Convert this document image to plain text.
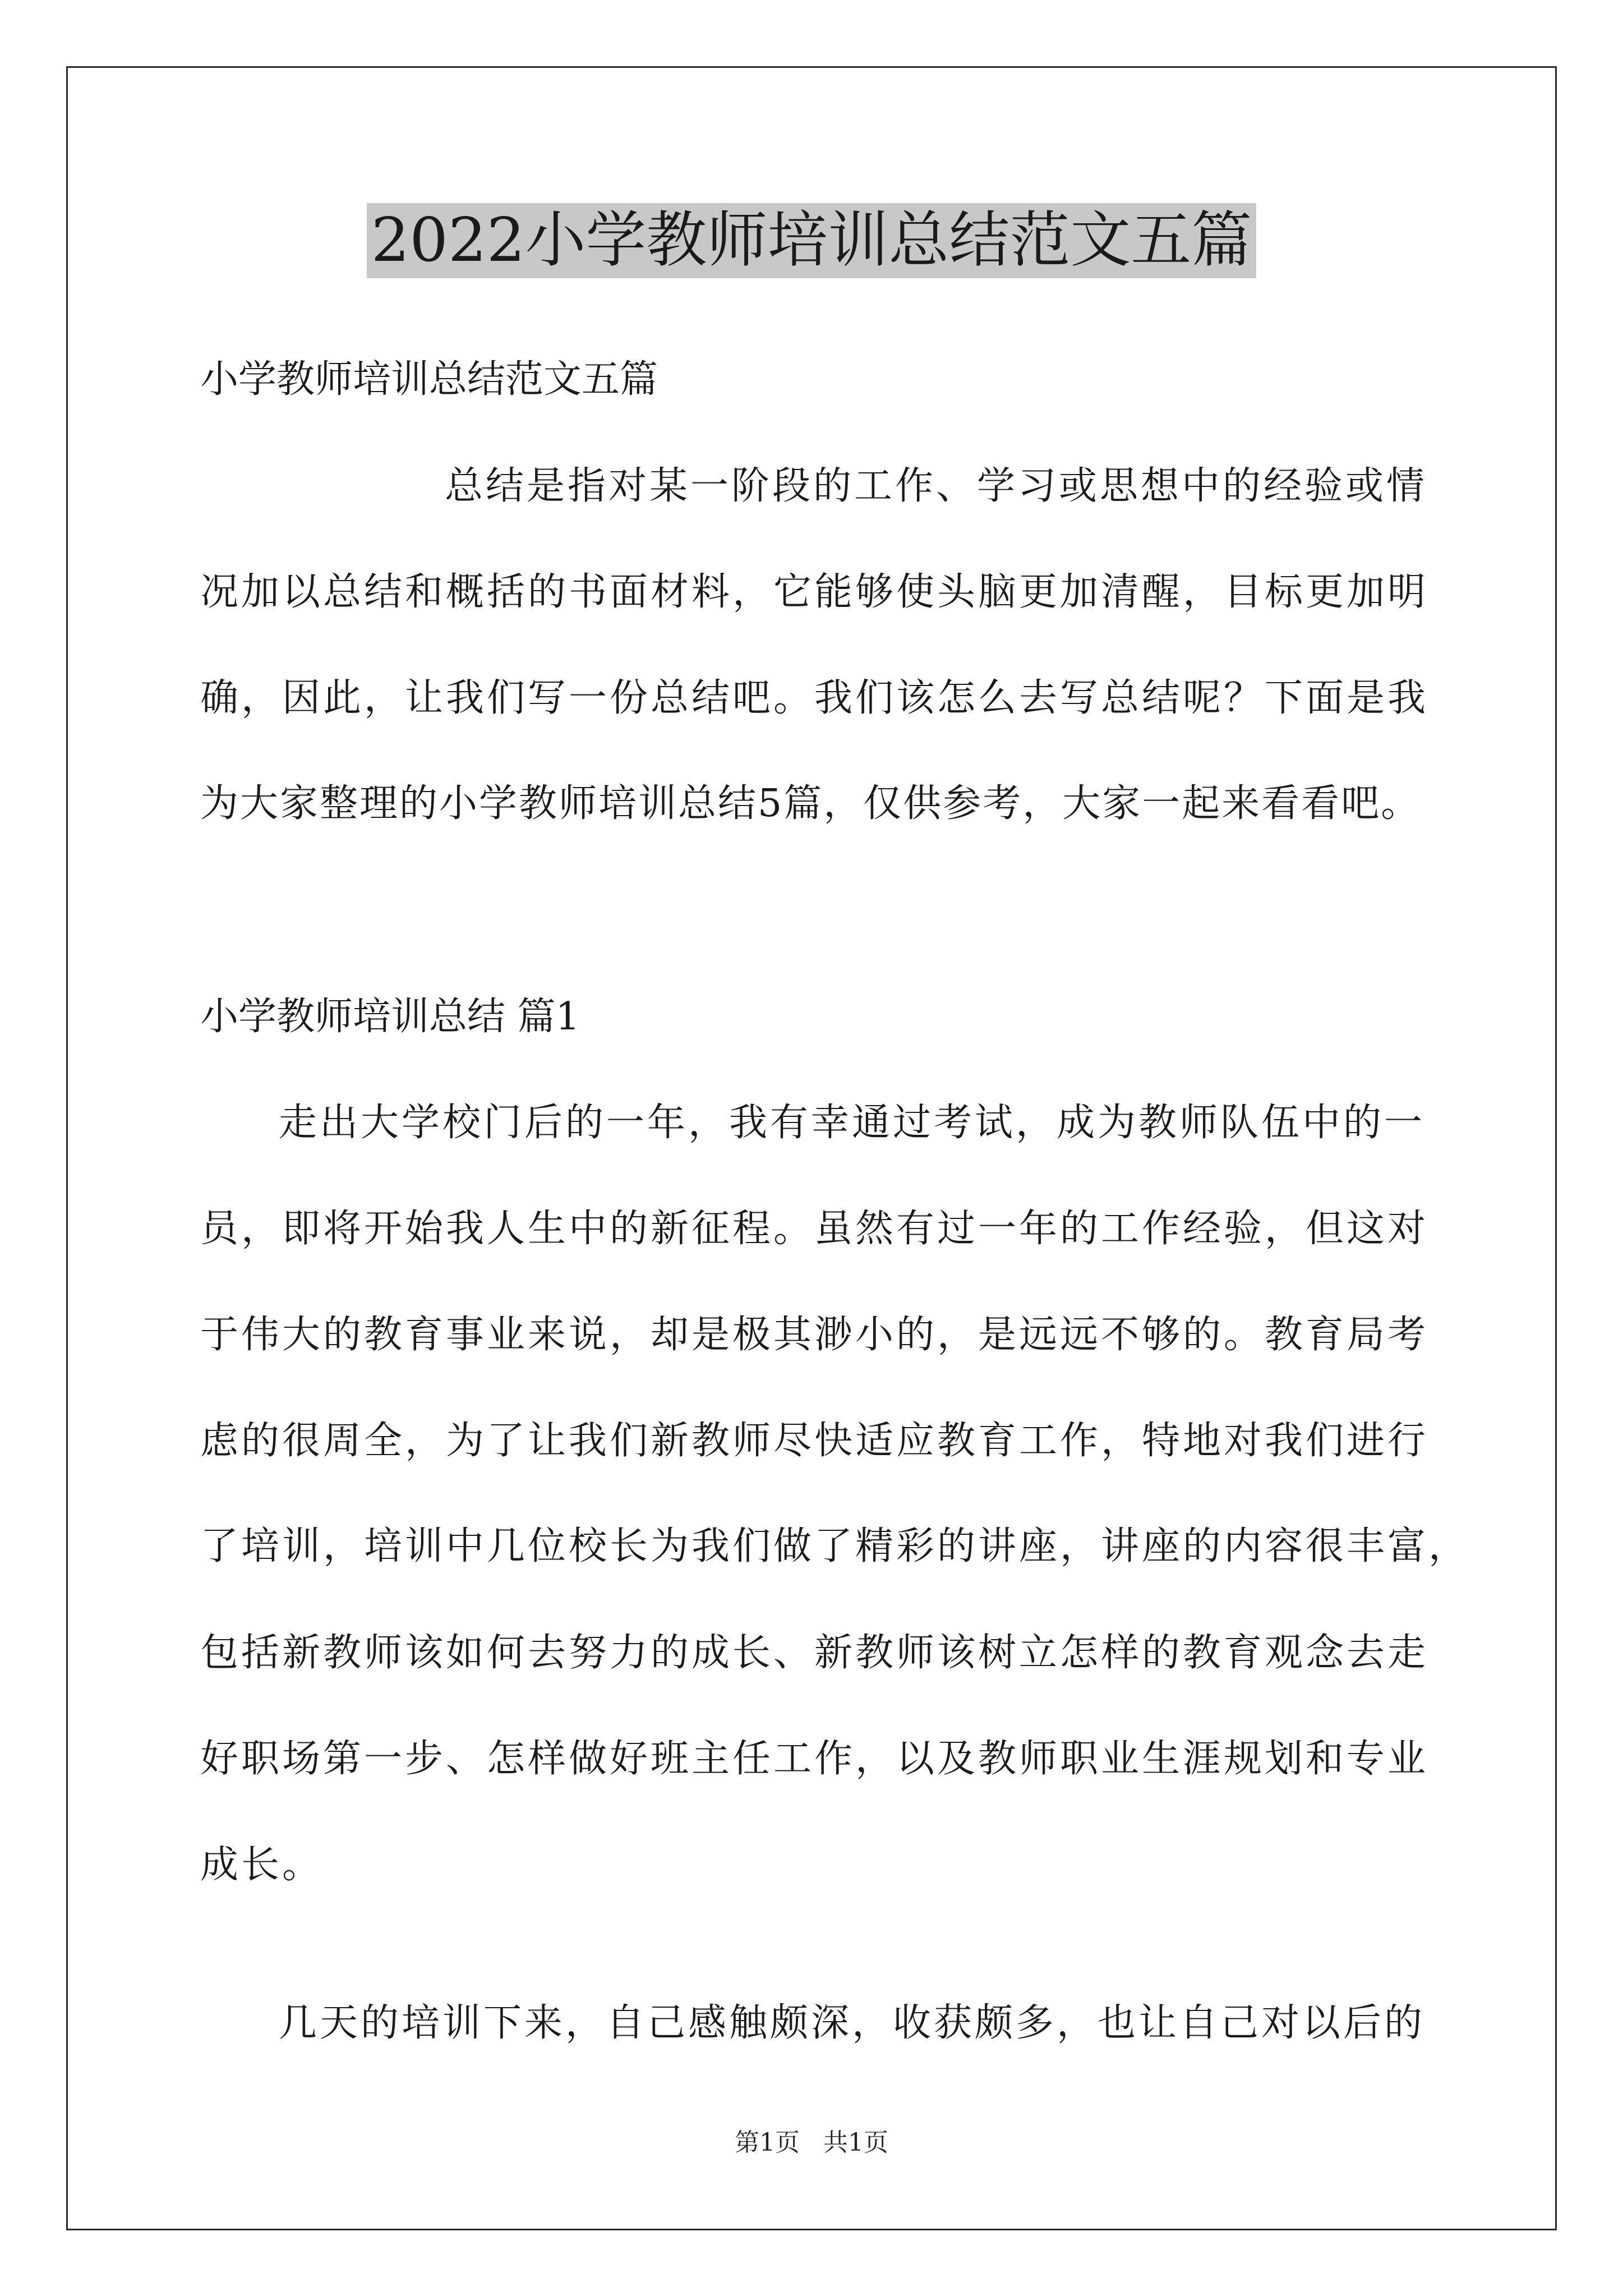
2022小学教师培训总结范文五篇
小学教师培训总结范文五篇
总结是指对某一阶段的工作、学习或思想中的经验或情
况加以总结和概括的书面材料，它能够使头脑更加清醒，目标更加明
确，因此，让我们写一份总结吧。我们该怎么去写总结呢？下面是我
为大家整理的小学教师培训总结5篇，仅供参考，大家一起来看看吧。
小学教师培训总结 篇1
走出大学校门后的一年，我有幸通过考试，成为教师队伍中的一
员，即将开始我人生中的新征程。虽然有过一年的工作经验，但这对
于伟大的教育事业来说，却是极其渺小的，是远远不够的。教育局考
虑的很周全，为了让我们新教师尽快适应教育工作，特地对我们进行
了培训，培训中几位校长为我们做了精彩的讲座，讲座的内容很丰富，
包括新教师该如何去努力的成长、新教师该树立怎样的教育观念去走
好职场第一步、怎样做好班主任工作，以及教师职业生涯规划和专业
成长。
几天的培训下来，自己感触颇深，收获颇多，也让自己对以后的
第1页   共1页
